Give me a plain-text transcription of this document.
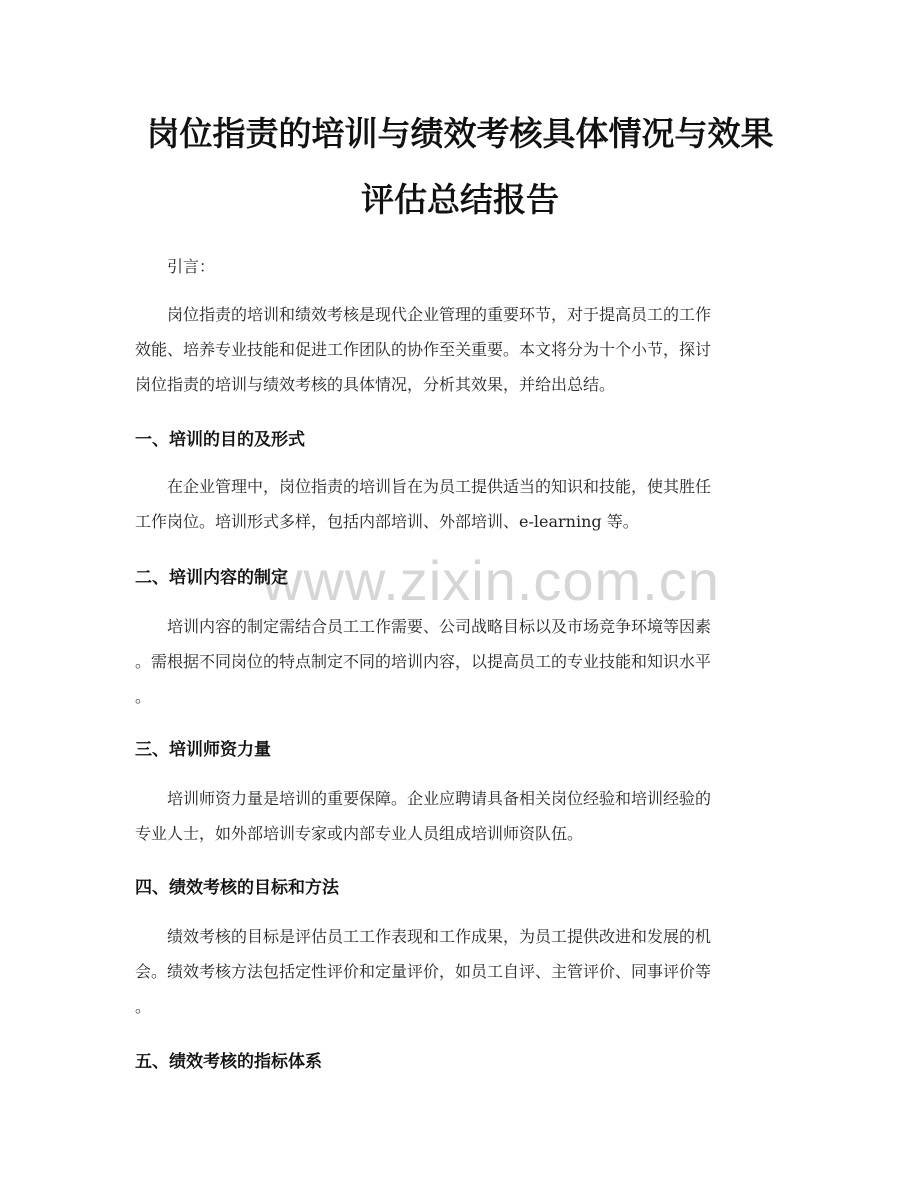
www.zixin.com.cn
岗位指责的培训与绩效考核具体情况与效果
评估总结报告

引言：

岗位指责的培训和绩效考核是现代企业管理的重要环节，对于提高员工的工作
效能、培养专业技能和促进工作团队的协作至关重要。本文将分为十个小节，探讨
岗位指责的培训与绩效考核的具体情况，分析其效果，并给出总结。

一、培训的目的及形式

在企业管理中，岗位指责的培训旨在为员工提供适当的知识和技能，使其胜任
工作岗位。培训形式多样，包括内部培训、外部培训、e-learning 等。

二、培训内容的制定

培训内容的制定需结合员工工作需要、公司战略目标以及市场竞争环境等因素
。需根据不同岗位的特点制定不同的培训内容，以提高员工的专业技能和知识水平
。

三、培训师资力量

培训师资力量是培训的重要保障。企业应聘请具备相关岗位经验和培训经验的
专业人士，如外部培训专家或内部专业人员组成培训师资队伍。

四、绩效考核的目标和方法

绩效考核的目标是评估员工工作表现和工作成果，为员工提供改进和发展的机
会。绩效考核方法包括定性评价和定量评价，如员工自评、主管评价、同事评价等
。

五、绩效考核的指标体系
